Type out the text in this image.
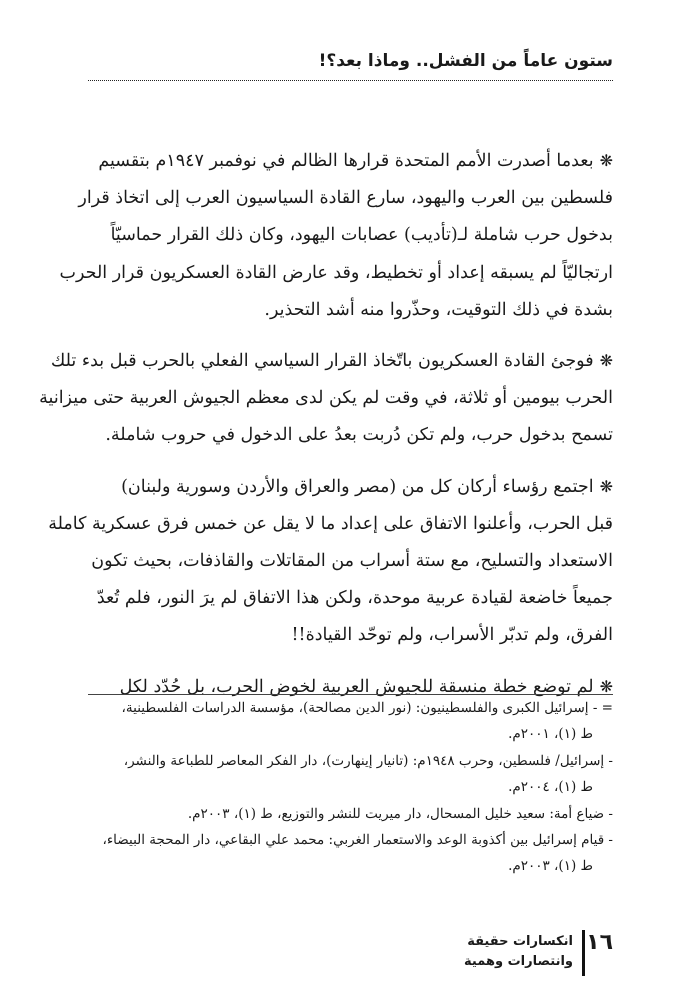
ستون عاماً من الفشل.. وماذا بعد؟!

❋بعدما أصدرت الأمم المتحدة قرارها الظالم في نوفمبر ١٩٤٧م بتقسيم
فلسطين بين العرب واليهود، سارع القادة السياسيون العرب إلى اتخاذ قرار
بدخول حرب شاملة لـ(تأديب) عصابات اليهود، وكان ذلك القرار حماسيّاً
ارتجاليّاً لم يسبقه إعداد أو تخطيط، وقد عارض القادة العسكريون قرار الحرب
بشدة في ذلك التوقيت، وحذّروا منه أشد التحذير.

❋فوجئ القادة العسكريون باتّخاذ القرار السياسي الفعلي بالحرب قبل بدء تلك
الحرب بيومين أو ثلاثة، في وقت لم يكن لدى معظم الجيوش العربية حتى ميزانية
تسمح بدخول حرب، ولم تكن دُربت بعدُ على الدخول في حروب شاملة.

❋اجتمع رؤساء أركان كل من (مصر والعراق والأردن وسورية ولبنان)
قبل الحرب، وأعلنوا الاتفاق على إعداد ما لا يقل عن خمس فرق عسكرية كاملة
الاستعداد والتسليح، مع ستة أسراب من المقاتلات والقاذفات، بحيث تكون
جميعاً خاضعة لقيادة عربية موحدة، ولكن هذا الاتفاق لم يرَ النور، فلم تُعدّ
الفرق، ولم تدبّر الأسراب، ولم توحّد القيادة!!

❋لم توضع خطة منسقة للجيوش العربية لخوض الحرب، بل حُدّد لكل

= - إسرائيل الكبرى والفلسطينيون: (نور الدين مصالحة)، مؤسسة الدراسات الفلسطينية،
ط (١)، ٢٠٠١م.
- إسرائيل/ فلسطين، وحرب ١٩٤٨م: (تانيار إينهارت)، دار الفكر المعاصر للطباعة والنشر،
ط (١)، ٢٠٠٤م.
- ضياع أمة: سعيد خليل المسحال، دار ميريت للنشر والتوزيع، ط (١)، ٢٠٠٣م.
- قيام إسرائيل بين أكذوبة الوعد والاستعمار الغربي: محمد علي البقاعي، دار المحجة البيضاء،
ط (١)، ٢٠٠٣م.
١٦
انكسارات حقيقة
وانتصارات وهمية
